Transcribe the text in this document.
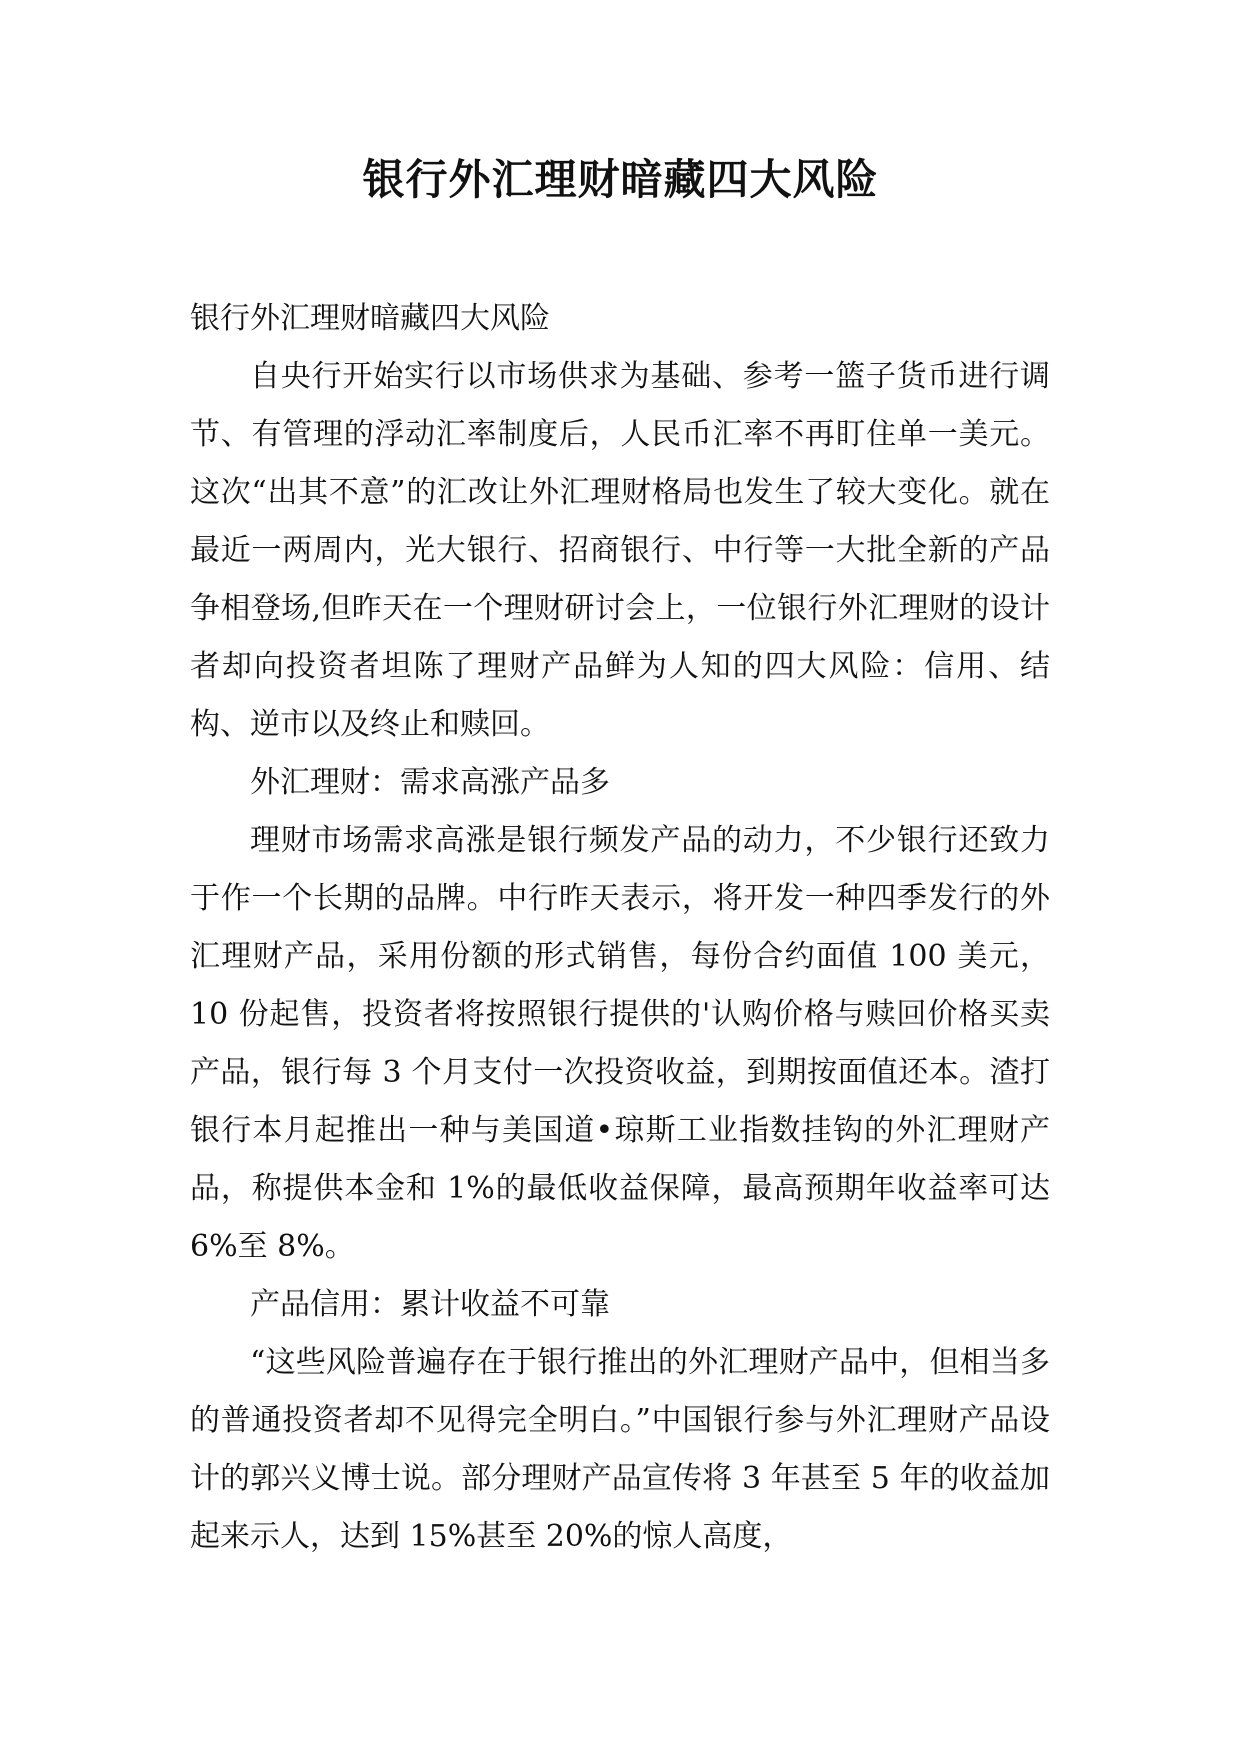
银行外汇理财暗藏四大风险

银行外汇理财暗藏四大风险

自央行开始实行以市场供求为基础、参考一篮子货币进行调节、有管理的浮动汇率制度后，人民币汇率不再盯住单一美元。这次“出其不意”的汇改让外汇理财格局也发生了较大变化。就在最近一两周内，光大银行、招商银行、中行等一大批全新的产品争相登场,但昨天在一个理财研讨会上，一位银行外汇理财的设计者却向投资者坦陈了理财产品鲜为人知的四大风险：信用、结构、逆市以及终止和赎回。

外汇理财：需求高涨产品多

理财市场需求高涨是银行频发产品的动力，不少银行还致力于作一个长期的品牌。中行昨天表示，将开发一种四季发行的外汇理财产品，采用份额的形式销售，每份合约面值 100 美元，10 份起售，投资者将按照银行提供的'认购价格与赎回价格买卖产品，银行每 3 个月支付一次投资收益，到期按面值还本。渣打银行本月起推出一种与美国道•琼斯工业指数挂钩的外汇理财产品，称提供本金和 1%的最低收益保障，最高预期年收益率可达 6%至 8%。

产品信用：累计收益不可靠

“这些风险普遍存在于银行推出的外汇理财产品中，但相当多的普通投资者却不见得完全明白。”中国银行参与外汇理财产品设计的郭兴义博士说。部分理财产品宣传将 3 年甚至 5 年的收益加起来示人，达到 15%甚至 20%的惊人高度，
